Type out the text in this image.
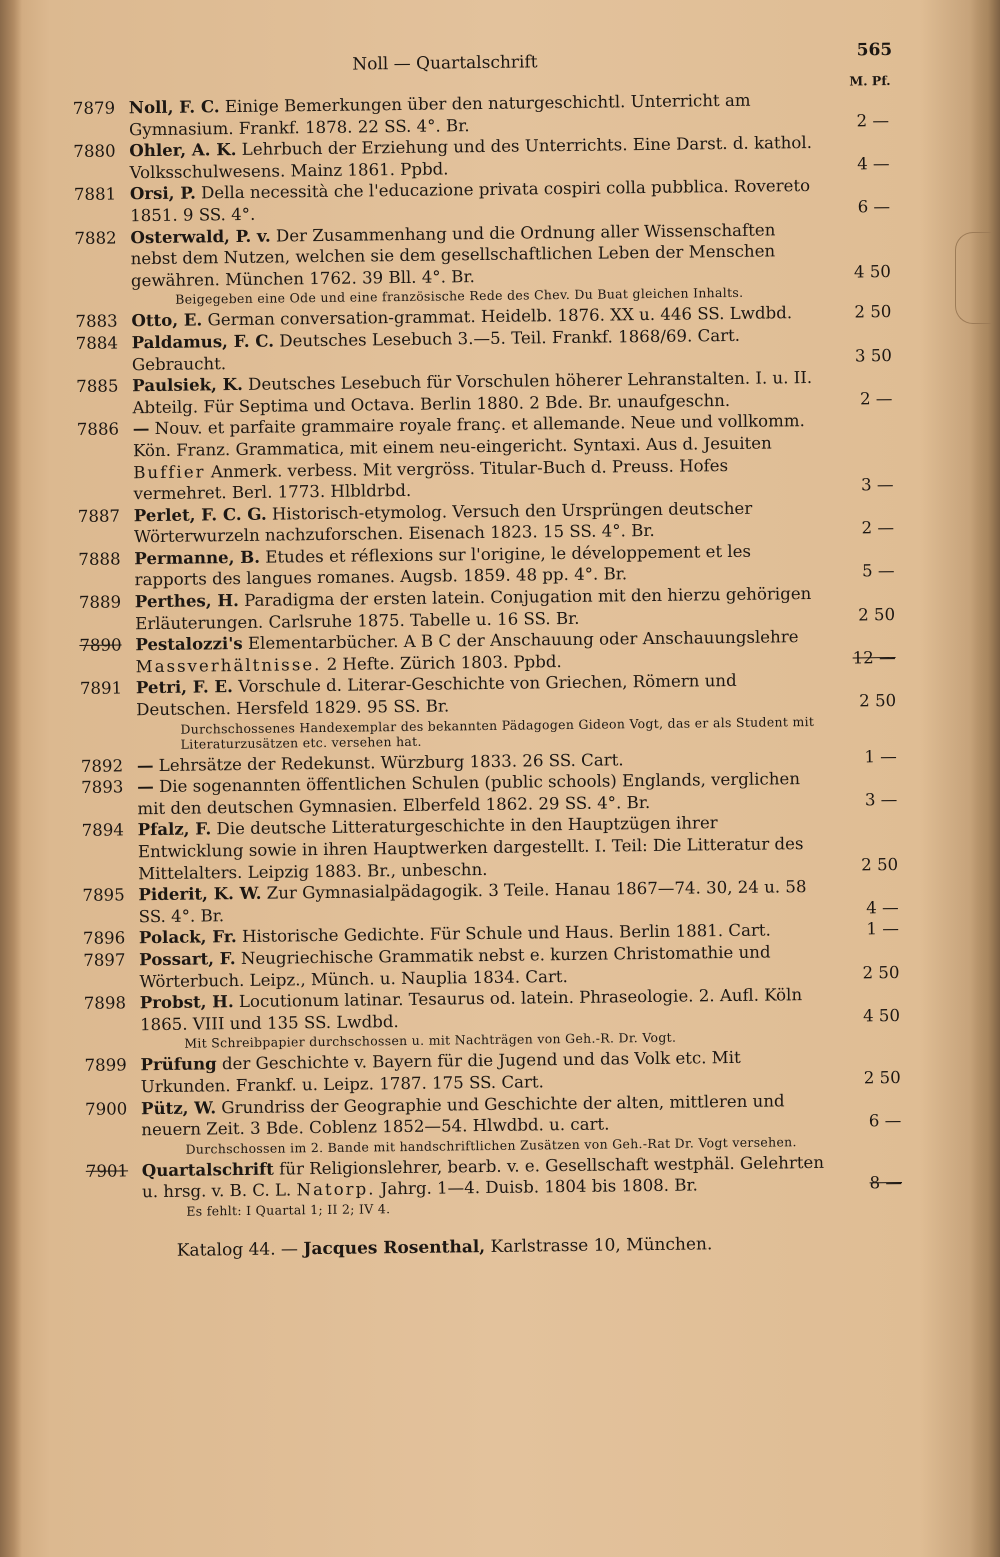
Noll — Quartalschrift
565
M. Pf.

7879 Noll, F. C. Einige Bemerkungen über den naturgeschichtl. Unterricht am Gymnasium. Frankf. 1878. 22 SS. 4°. Br.	2 —

7880 Ohler, A. K. Lehrbuch der Erziehung und des Unterrichts. Eine Darst. d. kathol. Volksschulwesens. Mainz 1861. Ppbd.	4 —

7881 Orsi, P. Della necessità che l'educazione privata cospiri colla pubblica. Rovereto 1851. 9 SS. 4°.	6 —

7882 Osterwald, P. v. Der Zusammenhang und die Ordnung aller Wissenschaften nebst dem Nutzen, welchen sie dem gesellschaftlichen Leben der Menschen gewähren. München 1762. 39 Bll. 4°. Br.	4 50

Beigegeben eine Ode und eine französische Rede des Chev. Du Buat gleichen Inhalts.

7883 Otto, E. German conversation-grammat. Heidelb. 1876. XX u. 446 SS. Lwdbd.	2 50

7884 Paldamus, F. C. Deutsches Lesebuch 3.—5. Teil. Frankf. 1868/69. Cart. Gebraucht.	3 50

7885 Paulsiek, K. Deutsches Lesebuch für Vorschulen höherer Lehranstalten. I. u. II. Abteilg. Für Septima und Octava. Berlin 1880. 2 Bde. Br. unaufgeschn.	2 —

7886 — Nouv. et parfaite grammaire royale franç. et allemande. Neue und vollkomm. Kön. Franz. Grammatica, mit einem neu-eingericht. Syntaxi. Aus d. Jesuiten Buffier Anmerk. verbess. Mit vergröss. Titular-Buch d. Preuss. Hofes vermehret. Berl. 1773. Hlbldrbd.	3 —

7887 Perlet, F. C. G. Historisch-etymolog. Versuch den Ursprüngen deutscher Wörterwurzeln nachzuforschen. Eisenach 1823. 15 SS. 4°. Br.	2 —

7888 Permanne, B. Etudes et réflexions sur l'origine, le développement et les rapports des langues romanes. Augsb. 1859. 48 pp. 4°. Br.	5 —

7889 Perthes, H. Paradigma der ersten latein. Conjugation mit den hierzu gehörigen Erläuterungen. Carlsruhe 1875. Tabelle u. 16 SS. Br.	2 50

7890 Pestalozzi's Elementarbücher. A B C der Anschauung oder Anschauungslehre Massverhältnisse. 2 Hefte. Zürich 1803. Ppbd.	12 —

7891 Petri, F. E. Vorschule d. Literar-Geschichte von Griechen, Römern und Deutschen. Hersfeld 1829. 95 SS. Br.	2 50

Durchschossenes Handexemplar des bekannten Pädagogen Gideon Vogt, das er als Student mit Literaturzusätzen etc. versehen hat.

7892 — Lehrsätze der Redekunst. Würzburg 1833. 26 SS. Cart.	1 —

7893 — Die sogenannten öffentlichen Schulen (public schools) Englands, verglichen mit den deutschen Gymnasien. Elberfeld 1862. 29 SS. 4°. Br.	3 —

7894 Pfalz, F. Die deutsche Litteraturgeschichte in den Hauptzügen ihrer Entwicklung sowie in ihren Hauptwerken dargestellt. I. Teil: Die Litteratur des Mittelalters. Leipzig 1883. Br., unbeschn.	2 50

7895 Piderit, K. W. Zur Gymnasialpädagogik. 3 Teile. Hanau 1867—74. 30, 24 u. 58 SS. 4°. Br.	4 —

7896 Polack, Fr. Historische Gedichte. Für Schule und Haus. Berlin 1881. Cart.	1 —

7897 Possart, F. Neugriechische Grammatik nebst e. kurzen Christomathie und Wörterbuch. Leipz., Münch. u. Nauplia 1834. Cart.	2 50

7898 Probst, H. Locutionum latinar. Tesaurus od. latein. Phraseologie. 2. Aufl. Köln 1865. VIII und 135 SS. Lwdbd.	4 50

Mit Schreibpapier durchschossen u. mit Nachträgen von Geh.-R. Dr. Vogt.

7899 Prüfung der Geschichte v. Bayern für die Jugend und das Volk etc. Mit Urkunden. Frankf. u. Leipz. 1787. 175 SS. Cart.	2 50

7900 Pütz, W. Grundriss der Geographie und Geschichte der alten, mittleren und neuern Zeit. 3 Bde. Coblenz 1852—54. Hlwdbd. u. cart.	6 —

Durchschossen im 2. Bande mit handschriftlichen Zusätzen von Geh.-Rat Dr. Vogt versehen.

7901 Quartalschrift für Religionslehrer, bearb. v. e. Gesellschaft westphäl. Gelehrten u. hrsg. v. B. C. L. Natorp. Jahrg. 1—4. Duisb. 1804 bis 1808. Br.	8 —

Es fehlt: I Quartal 1; II 2; IV 4.
Katalog 44. — Jacques Rosenthal, Karlstrasse 10, München.
